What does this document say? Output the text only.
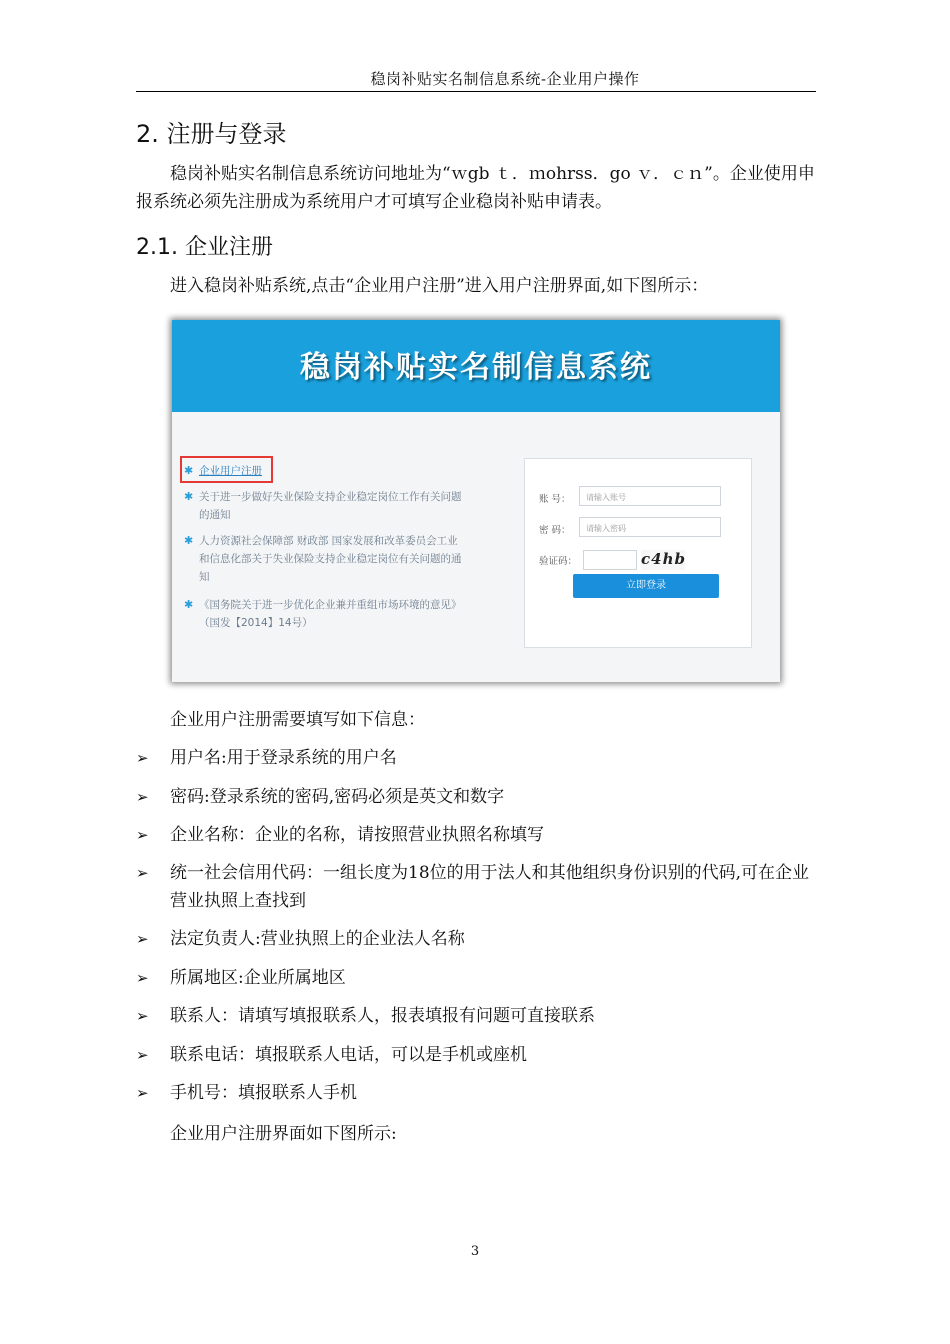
稳岗补贴实名制信息系统-企业用户操作
2. 注册与登录
稳岗补贴实名制信息系统访问地址为“ｗgb ｔ．ｍohrss．go ｖ．ｃｎ”。企业使用申报系统必须先注册成为系统用户才可填写企业稳岗补贴申请表。
2.1. 企业注册
进入稳岗补贴系统,点击“企业用户注册”进入用户注册界面,如下图所示：
稳岗补贴实名制信息系统
✱ 企业用户注册
✱ 关于进一步做好失业保险支持企业稳定岗位工作有关问题的通知
✱ 人力资源社会保障部 财政部 国家发展和改革委员会工业和信息化部关于失业保险支持企业稳定岗位有关问题的通知
✱ 《国务院关于进一步优化企业兼并重组市场环境的意见》（国发【2014】14号）
账 号：	请输入账号
密 码：	请输入密码
验证码：	c4hb
立即登录
企业用户注册需要填写如下信息：
➢ 用户名:用于登录系统的用户名
➢ 密码:登录系统的密码,密码必须是英文和数字
➢ 企业名称：企业的名称，请按照营业执照名称填写
➢ 统一社会信用代码：一组长度为18位的用于法人和其他组织身份识别的代码,可在企业营业执照上查找到
➢ 法定负责人:营业执照上的企业法人名称
➢ 所属地区:企业所属地区
➢ 联系人：请填写填报联系人，报表填报有问题可直接联系
➢ 联系电话：填报联系人电话，可以是手机或座机
➢ 手机号：填报联系人手机
企业用户注册界面如下图所示:
3
